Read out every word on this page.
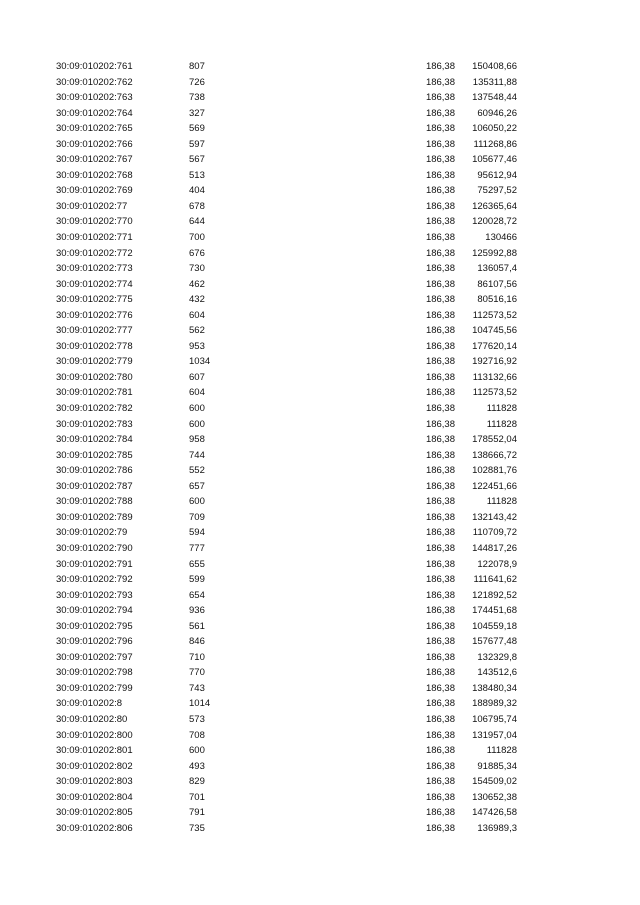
30:09:010202:761	807		186,38	150408,66
30:09:010202:762	726		186,38	135311,88
30:09:010202:763	738		186,38	137548,44
30:09:010202:764	327		186,38	60946,26
30:09:010202:765	569		186,38	106050,22
30:09:010202:766	597		186,38	111268,86
30:09:010202:767	567		186,38	105677,46
30:09:010202:768	513		186,38	95612,94
30:09:010202:769	404		186,38	75297,52
30:09:010202:77	678		186,38	126365,64
30:09:010202:770	644		186,38	120028,72
30:09:010202:771	700		186,38	130466
30:09:010202:772	676		186,38	125992,88
30:09:010202:773	730		186,38	136057,4
30:09:010202:774	462		186,38	86107,56
30:09:010202:775	432		186,38	80516,16
30:09:010202:776	604		186,38	112573,52
30:09:010202:777	562		186,38	104745,56
30:09:010202:778	953		186,38	177620,14
30:09:010202:779	1034		186,38	192716,92
30:09:010202:780	607		186,38	113132,66
30:09:010202:781	604		186,38	112573,52
30:09:010202:782	600		186,38	111828
30:09:010202:783	600		186,38	111828
30:09:010202:784	958		186,38	178552,04
30:09:010202:785	744		186,38	138666,72
30:09:010202:786	552		186,38	102881,76
30:09:010202:787	657		186,38	122451,66
30:09:010202:788	600		186,38	111828
30:09:010202:789	709		186,38	132143,42
30:09:010202:79	594		186,38	110709,72
30:09:010202:790	777		186,38	144817,26
30:09:010202:791	655		186,38	122078,9
30:09:010202:792	599		186,38	111641,62
30:09:010202:793	654		186,38	121892,52
30:09:010202:794	936		186,38	174451,68
30:09:010202:795	561		186,38	104559,18
30:09:010202:796	846		186,38	157677,48
30:09:010202:797	710		186,38	132329,8
30:09:010202:798	770		186,38	143512,6
30:09:010202:799	743		186,38	138480,34
30:09:010202:8	1014		186,38	188989,32
30:09:010202:80	573		186,38	106795,74
30:09:010202:800	708		186,38	131957,04
30:09:010202:801	600		186,38	111828
30:09:010202:802	493		186,38	91885,34
30:09:010202:803	829		186,38	154509,02
30:09:010202:804	701		186,38	130652,38
30:09:010202:805	791		186,38	147426,58
30:09:010202:806	735		186,38	136989,3
